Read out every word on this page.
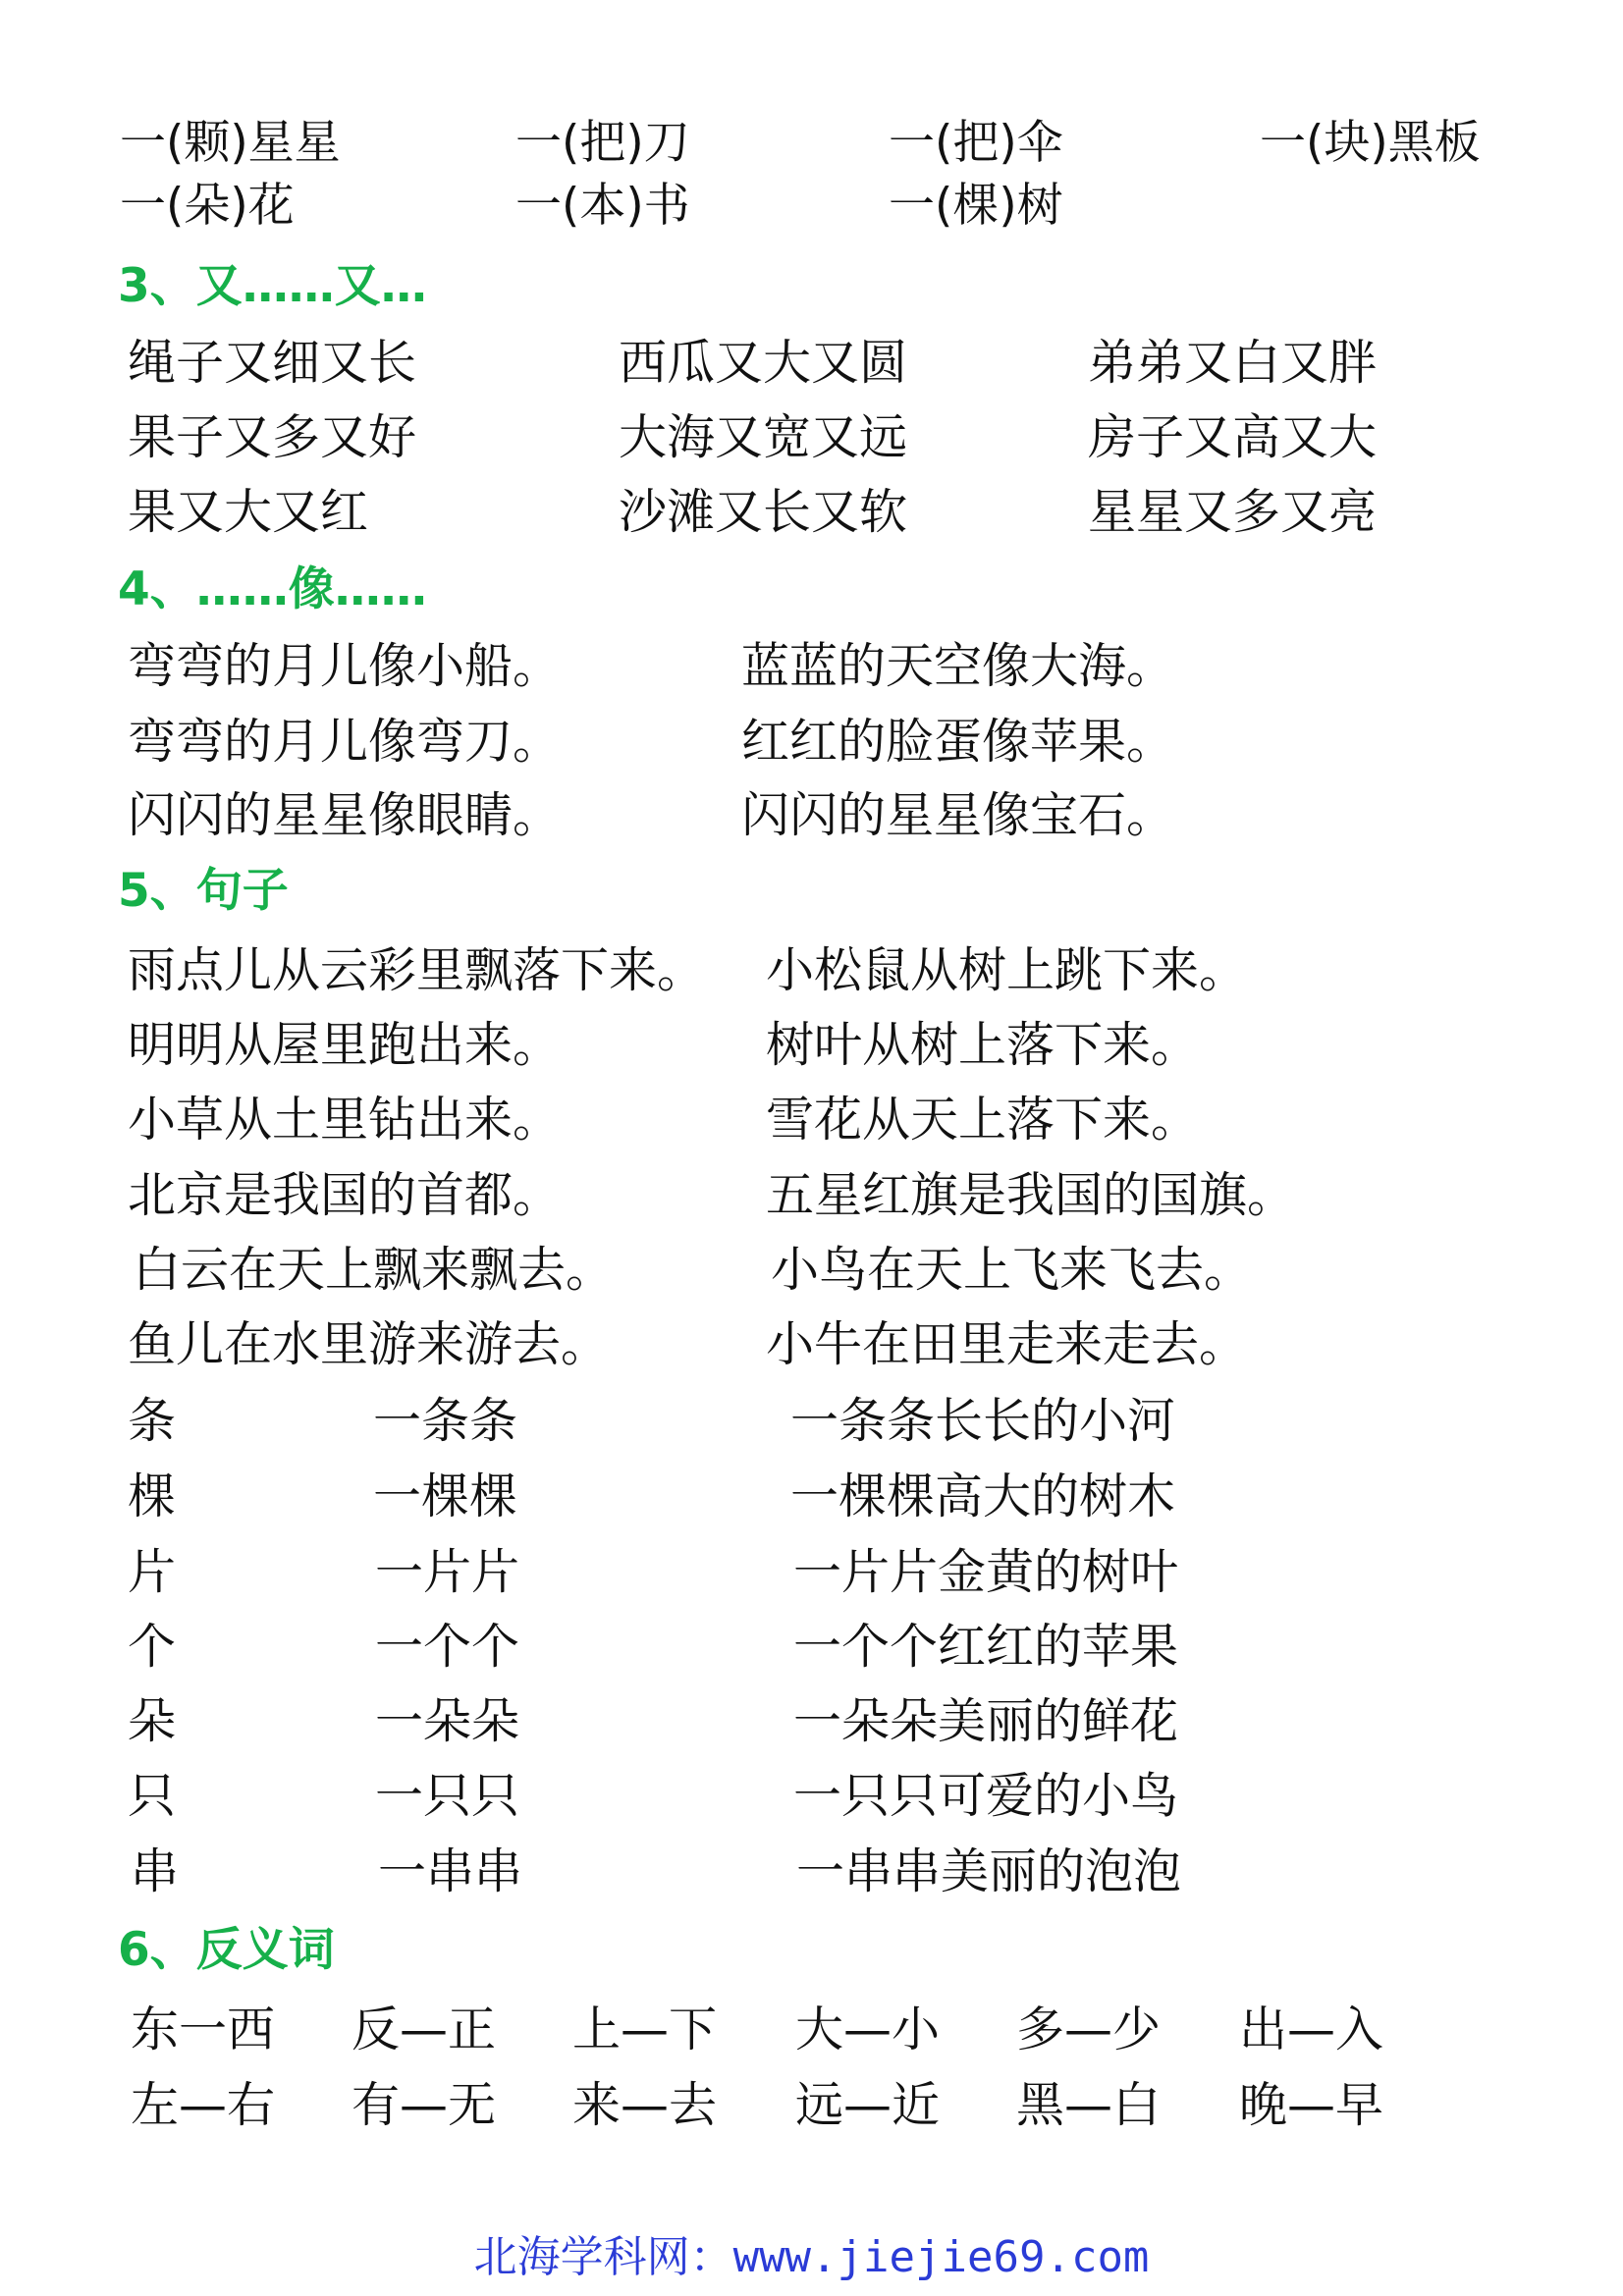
一(颗)星星	一(把)刀	一(把)伞	一(块)黑板
一(朵)花	一(本)书	一(棵)树
3、又……又…
绳子又细又长	西瓜又大又圆	弟弟又白又胖
果子又多又好	大海又宽又远	房子又高又大
果又大又红	沙滩又长又软	星星又多又亮
4、……像……
弯弯的月儿像小船。	蓝蓝的天空像大海。
弯弯的月儿像弯刀。	红红的脸蛋像苹果。
闪闪的星星像眼睛。	闪闪的星星像宝石。
5、句子
雨点儿从云彩里飘落下来。 小松鼠从树上跳下来。
明明从屋里跑出来。	树叶从树上落下来。
小草从土里钻出来。	雪花从天上落下来。
北京是我国的首都。	五星红旗是我国的国旗。
白云在天上飘来飘去。	小鸟在天上飞来飞去。
鱼儿在水里游来游去。	小牛在田里走来走去。
条	一条条	一条条长长的小河
棵	一棵棵	一棵棵高大的树木
片	一片片	一片片金黄的树叶
个	一个个	一个个红红的苹果
朵	一朵朵	一朵朵美丽的鲜花
只	一只只	一只只可爱的小鸟
串	一串串	一串串美丽的泡泡
6、反义词
东一西 反—正 上—下 大—小 多—少 出—入
左—右 有—无 来—去 远—近 黑—白 晚—早
北海学科网：www.jiejie69.com
